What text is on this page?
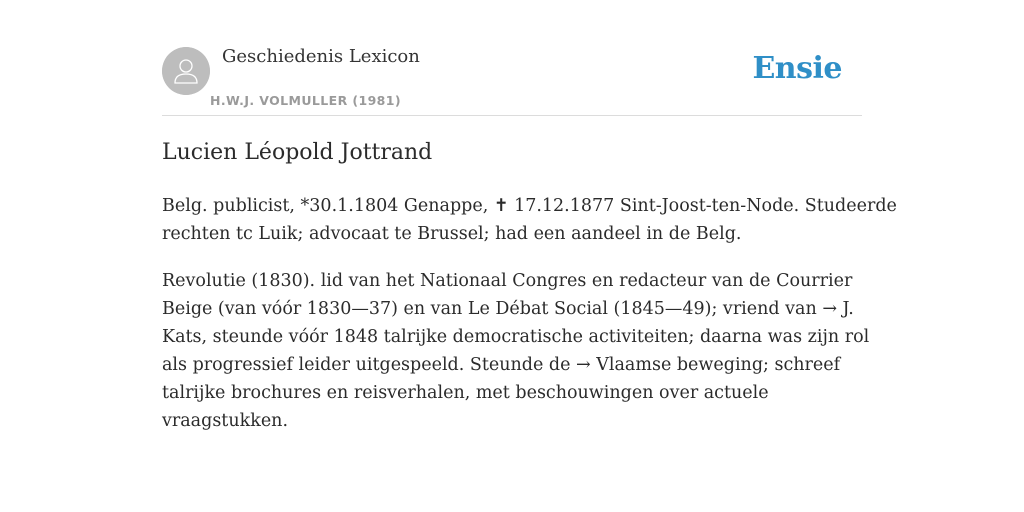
Geschiedenis Lexicon
H.W.J. VOLMULLER (1981)
Ensie
Lucien Léopold Jottrand

Belg. publicist, *30.1.1804 Genappe, ✝ 17.12.1877 Sint-Joost-ten-Node. Studeerde
rechten tc Luik; advocaat te Brussel; had een aandeel in de Belg.

Revolutie (1830). lid van het Nationaal Congres en redacteur van de Courrier
Beige (van vóór 1830—37) en van Le Débat Social (1845—49); vriend van → J.
Kats, steunde vóór 1848 talrijke democratische activiteiten; daarna was zijn rol
als progressief leider uitgespeeld. Steunde de → Vlaamse beweging; schreef
talrijke brochures en reisverhalen, met beschouwingen over actuele
vraagstukken.
